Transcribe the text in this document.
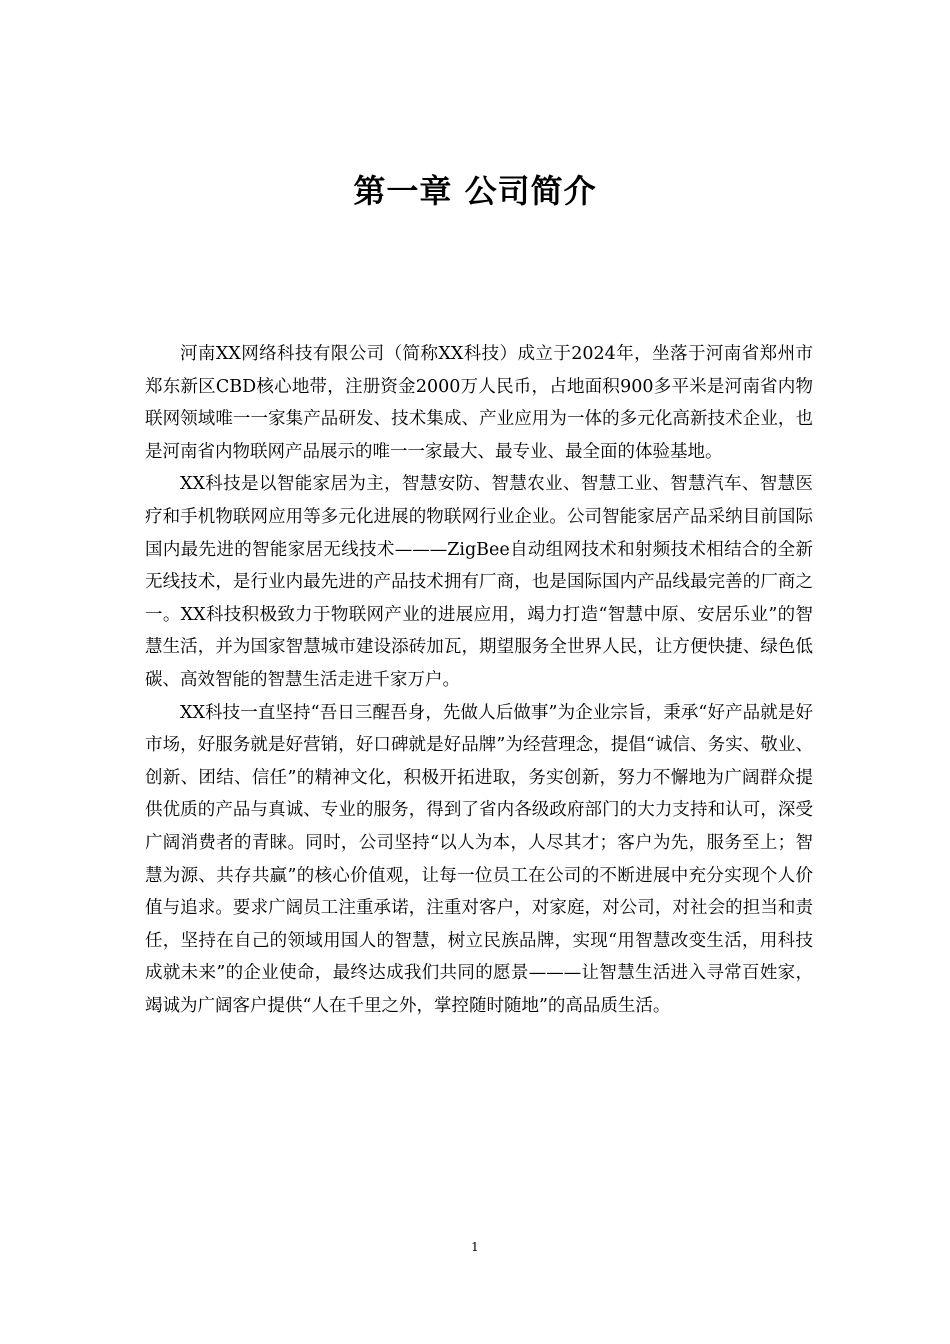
第一章 公司简介

河南XX网络科技有限公司（简称XX科技）成立于2024年，坐落于河南省郑州市郑东新区CBD核心地带，注册资金2000万人民币，占地面积900多平米是河南省内物联网领域唯一一家集产品研发、技术集成、产业应用为一体的多元化高新技术企业，也是河南省内物联网产品展示的唯一一家最大、最专业、最全面的体验基地。

XX科技是以智能家居为主，智慧安防、智慧农业、智慧工业、智慧汽车、智慧医疗和手机物联网应用等多元化进展的物联网行业企业。公司智能家居产品采纳目前国际国内最先进的智能家居无线技术———ZigBee自动组网技术和射频技术相结合的全新无线技术，是行业内最先进的产品技术拥有厂商，也是国际国内产品线最完善的厂商之一。XX科技积极致力于物联网产业的进展应用，竭力打造“智慧中原、安居乐业”的智慧生活，并为国家智慧城市建设添砖加瓦，期望服务全世界人民，让方便快捷、绿色低碳、高效智能的智慧生活走进千家万户。

XX科技一直坚持“吾日三醒吾身，先做人后做事”为企业宗旨，秉承“好产品就是好市场，好服务就是好营销，好口碑就是好品牌”为经营理念，提倡“诚信、务实、敬业、创新、团结、信任”的精神文化，积极开拓进取，务实创新，努力不懈地为广阔群众提供优质的产品与真诚、专业的服务，得到了省内各级政府部门的大力支持和认可，深受广阔消费者的青睐。同时，公司坚持“以人为本，人尽其才；客户为先，服务至上；智慧为源、共存共赢”的核心价值观，让每一位员工在公司的不断进展中充分实现个人价值与追求。要求广阔员工注重承诺，注重对客户，对家庭，对公司，对社会的担当和责任，坚持在自己的领域用国人的智慧，树立民族品牌，实现“用智慧改变生活，用科技成就未来”的企业使命，最终达成我们共同的愿景———让智慧生活进入寻常百姓家，竭诚为广阔客户提供“人在千里之外，掌控随时随地”的高品质生活。

1
